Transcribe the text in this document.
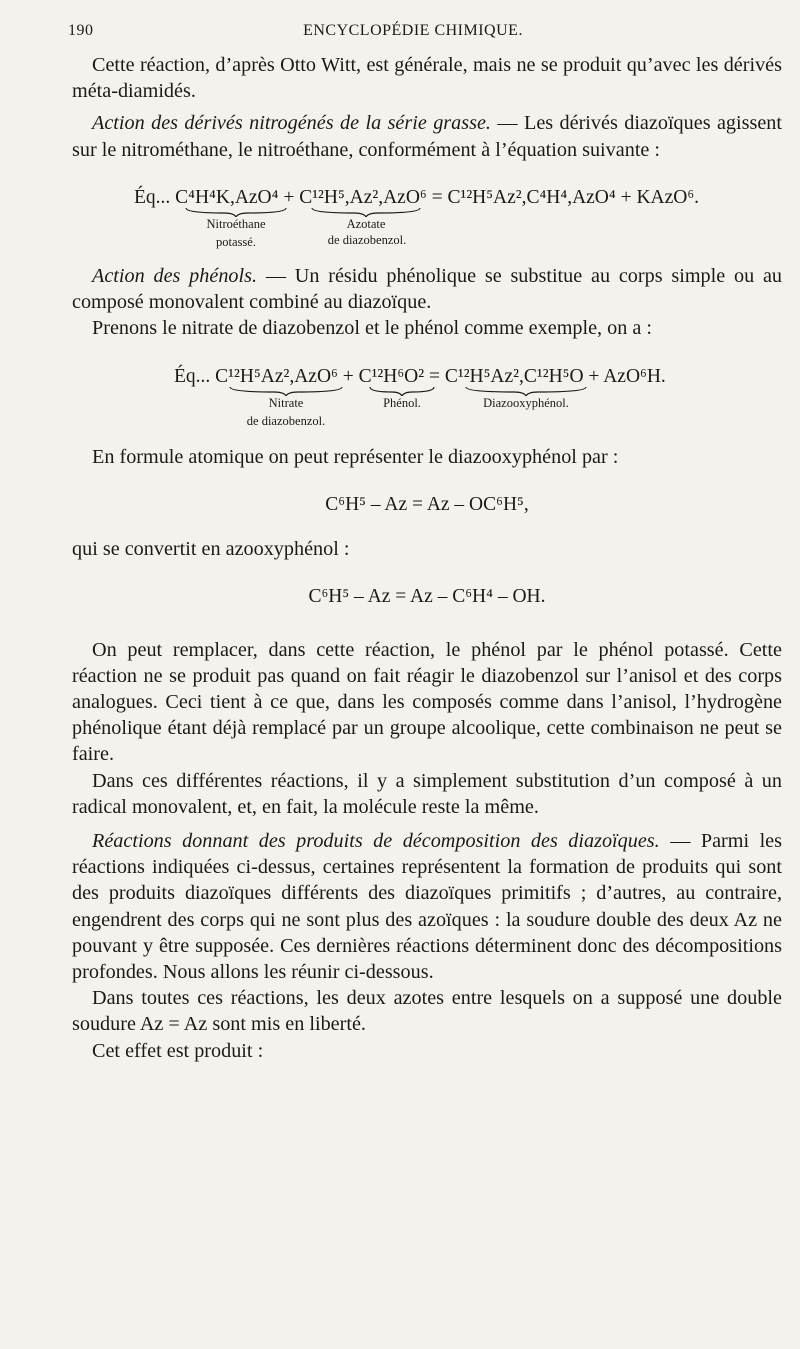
190	ENCYCLOPÉDIE CHIMIQUE.

Cette réaction, d’après Otto Witt, est générale, mais ne se produit qu’avec les dérivés méta-diamidés.

Action des dérivés nitrogénés de la série grasse. — Les dérivés diazoïques agissent sur le nitrométhane, le nitroéthane, conformément à l’équation suivante :

Éq... C⁴H⁴K,AzO⁴ + C¹²H⁵,Az²,AzO⁶ = C¹²H⁵Az²,C⁴H⁴,AzO⁴ + KAzO⁶.
Nitroéthane
potassé.
Azotate
de diazobenzol.

Action des phénols. — Un résidu phénolique se substitue au corps simple ou au composé monovalent combiné au diazoïque.

Prenons le nitrate de diazobenzol et le phénol comme exemple, on a :

Éq... C¹²H⁵Az²,AzO⁶ + C¹²H⁶O² = C¹²H⁵Az²,C¹²H⁵O + AzO⁶H.
Nitrate
de diazobenzol.
Phénol.	Diazooxyphénol.

En formule atomique on peut représenter le diazooxyphénol par :

C⁶H⁵ – Az = Az – OC⁶H⁵,

qui se convertit en azooxyphénol :

C⁶H⁵ – Az = Az – C⁶H⁴ – OH.

On peut remplacer, dans cette réaction, le phénol par le phénol potassé. Cette réaction ne se produit pas quand on fait réagir le diazobenzol sur l’anisol et des corps analogues. Ceci tient à ce que, dans les composés comme dans l’anisol, l’hydrogène phénolique étant déjà remplacé par un groupe alcoolique, cette combinaison ne peut se faire.

Dans ces différentes réactions, il y a simplement substitution d’un composé à un radical monovalent, et, en fait, la molécule reste la même.

Réactions donnant des produits de décomposition des diazoïques. — Parmi les réactions indiquées ci-dessus, certaines représentent la formation de produits qui sont des produits diazoïques différents des diazoïques primitifs ; d’autres, au contraire, engendrent des corps qui ne sont plus des azoïques : la soudure double des deux Az ne pouvant y être supposée. Ces dernières réactions déterminent donc des décompositions profondes. Nous allons les réunir ci-dessous.

Dans toutes ces réactions, les deux azotes entre lesquels on a supposé une double soudure Az = Az sont mis en liberté.

Cet effet est produit :
